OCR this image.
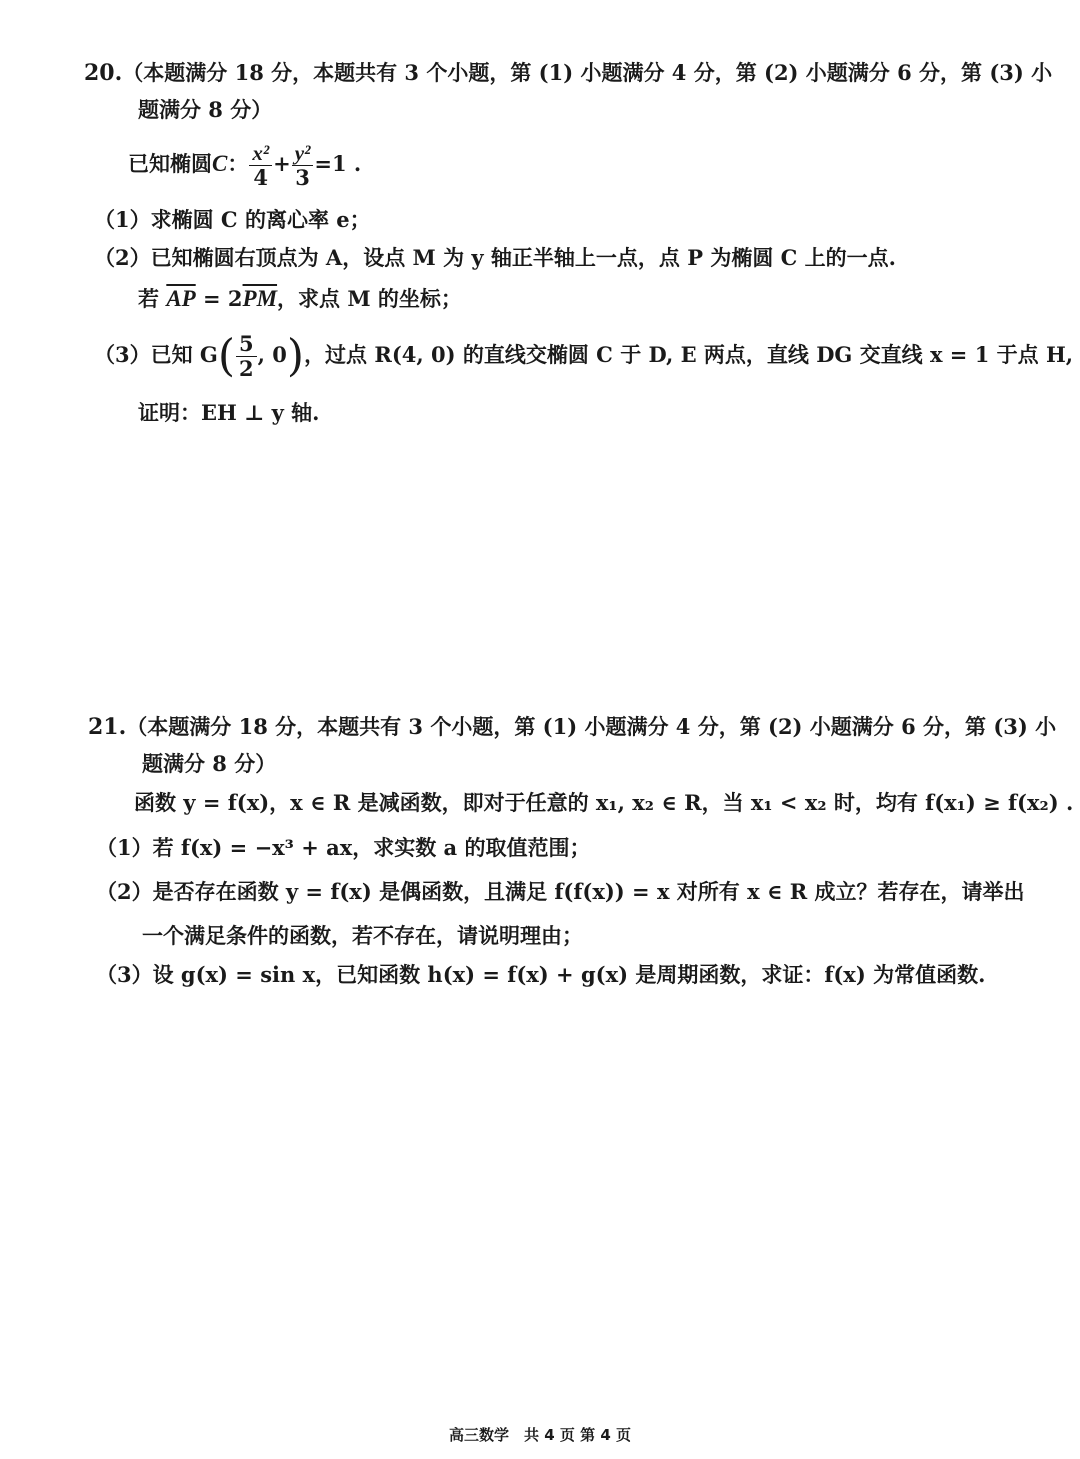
20.（本题满分 18 分，本题共有 3 个小题，第 (1) 小题满分 4 分，第 (2) 小题满分 6 分，第 (3) 小
题满分 8 分）
已知椭圆C： $\frac{\text{x²}}{4} + \frac{\text{y²}}{3} =1$ .
（1）求椭圆 C 的离心率 e；
（2）已知椭圆右顶点为 A，设点 M 为 y 轴正半轴上一点，点 P 为椭圆 C 上的一点.
若 $\overline{AP} = 2\overline{PM}$，求点 M 的坐标；
（3）已知 $G( \frac{5}{2}$ , 0)，过点 R(4, 0) 的直线交椭圆 C 于 D, E 两点，直线 DG 交直线 x = 1 于点 H,
证明：EH ⊥ y 轴.
21.（本题满分 18 分，本题共有 3 个小题，第 (1) 小题满分 4 分，第 (2) 小题满分 6 分，第 (3) 小
题满分 8 分）
函数 y = f(x)，x ∈ R 是减函数，即对于任意的 x₁, x₂ ∈ R，当 x₁ < x₂ 时，均有 f(x₁) ≥ f(x₂) .
（1）若 f(x) = −x³ + ax，求实数 a 的取值范围；
（2）是否存在函数 y = f(x) 是偶函数，且满足 f(f(x)) = x 对所有 x ∈ R 成立？若存在，请举出
一个满足条件的函数，若不存在，请说明理由；
（3）设 g(x) = sin x，已知函数 h(x) = f(x) + g(x) 是周期函数，求证：f(x) 为常值函数.
高三数学　共 4 页 第 4 页
